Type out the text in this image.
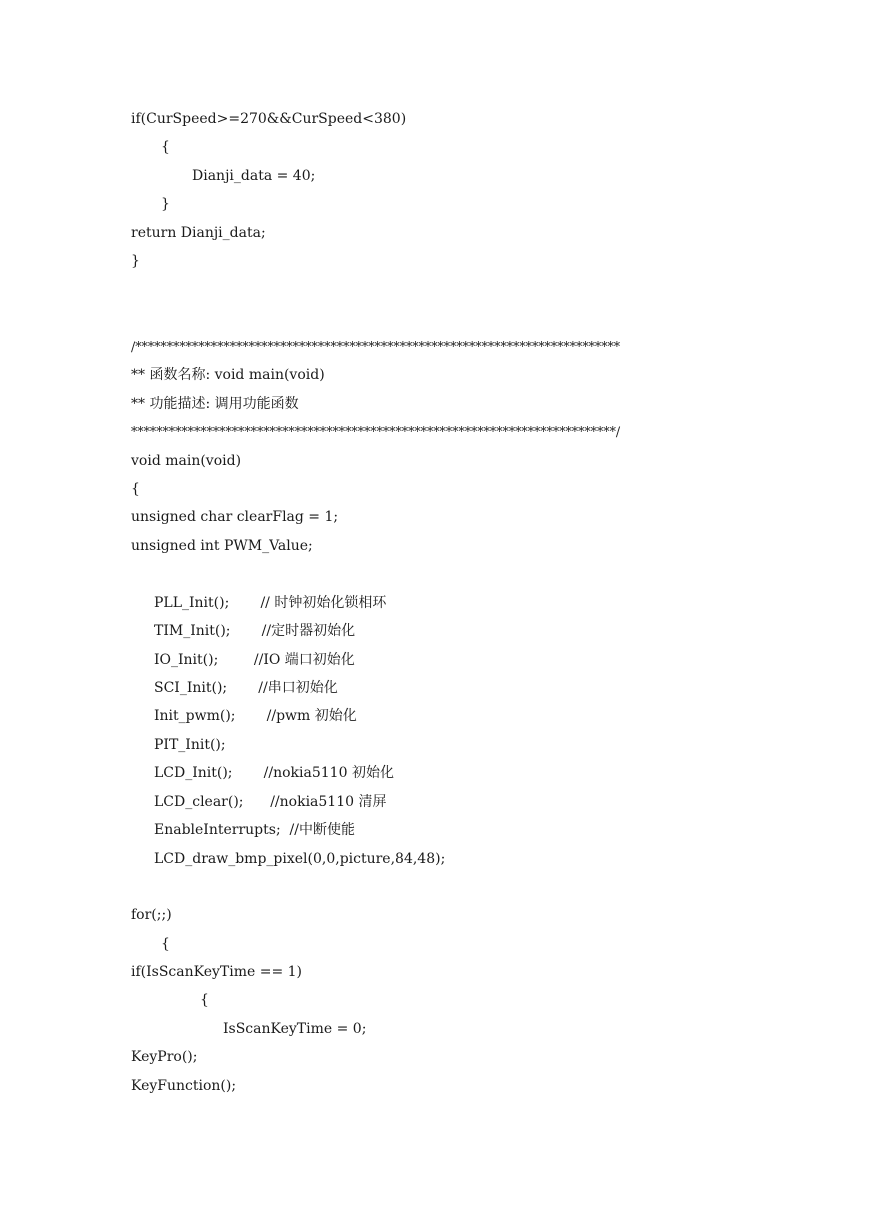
if(CurSpeed>=270&&CurSpeed<380)
{
Dianji_data = 40;
}
return Dianji_data;
}
/*****************************************************************************
** 函数名称: void main(void)
** 功能描述: 调用功能函数
*****************************************************************************/
void main(void)
{
unsigned char clearFlag = 1;
unsigned int PWM_Value;
PLL_Init();       // 时钟初始化锁相环
TIM_Init();       //定时器初始化
IO_Init();        //IO 端口初始化
SCI_Init();       //串口初始化
Init_pwm();       //pwm 初始化
PIT_Init();
LCD_Init();       //nokia5110 初始化
LCD_clear();      //nokia5110 清屏
EnableInterrupts;  //中断使能
LCD_draw_bmp_pixel(0,0,picture,84,48);
for(;;)
{
if(IsScanKeyTime == 1)
{
IsScanKeyTime = 0;
KeyPro();
KeyFunction();
